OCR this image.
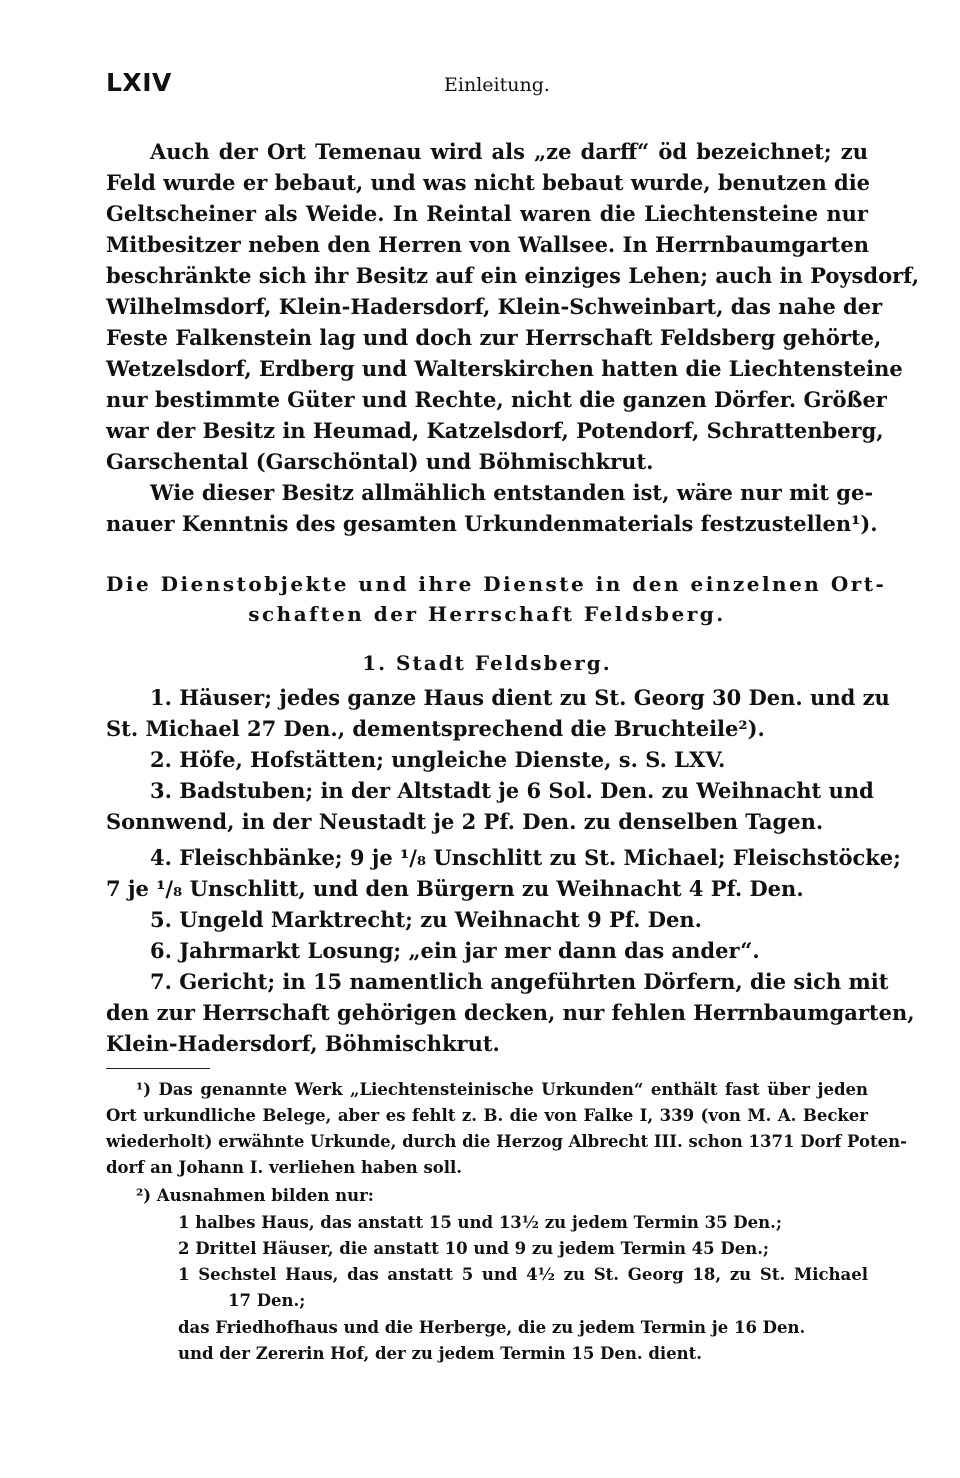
LXIV	Einleitung.
Auch der Ort Temenau wird als „ze darff“ öd bezeichnet; zu
Feld wurde er bebaut, und was nicht bebaut wurde, benutzen die
Geltscheiner als Weide. In Reintal waren die Liechtensteine nur
Mitbesitzer neben den Herren von Wallsee. In Herrnbaumgarten
beschränkte sich ihr Besitz auf ein einziges Lehen; auch in Poysdorf,
Wilhelmsdorf, Klein-Hadersdorf, Klein-Schweinbart, das nahe der
Feste Falkenstein lag und doch zur Herrschaft Feldsberg gehörte,
Wetzelsdorf, Erdberg und Walterskirchen hatten die Liechtensteine
nur bestimmte Güter und Rechte, nicht die ganzen Dörfer. Größer
war der Besitz in Heumad, Katzelsdorf, Potendorf, Schrattenberg,
Garschental (Garschöntal) und Böhmischkrut.
Wie dieser Besitz allmählich entstanden ist, wäre nur mit ge-
nauer Kenntnis des gesamten Urkundenmaterials festzustellen¹).
Die Dienstobjekte und ihre Dienste in den einzelnen Ort-
schaften der Herrschaft Feldsberg.
1. Stadt Feldsberg.
1. Häuser; jedes ganze Haus dient zu St. Georg 30 Den. und zu
St. Michael 27 Den., dementsprechend die Bruchteile²).
2. Höfe, Hofstätten; ungleiche Dienste, s. S. LXV.
3. Badstuben; in der Altstadt je 6 Sol. Den. zu Weihnacht und
Sonnwend, in der Neustadt je 2 Pf. Den. zu denselben Tagen.
4. Fleischbänke; 9 je ¹/₈ Unschlitt zu St. Michael; Fleischstöcke;
7 je ¹/₈ Unschlitt, und den Bürgern zu Weihnacht 4 Pf. Den.
5. Ungeld Marktrecht; zu Weihnacht 9 Pf. Den.
6. Jahrmarkt Losung; „ein jar mer dann das ander“.
7. Gericht; in 15 namentlich angeführten Dörfern, die sich mit
den zur Herrschaft gehörigen decken, nur fehlen Herrnbaumgarten,
Klein-Hadersdorf, Böhmischkrut.
¹) Das genannte Werk „Liechtensteinische Urkunden“ enthält fast über jeden
Ort urkundliche Belege, aber es fehlt z. B. die von Falke I, 339 (von M. A. Becker
wiederholt) erwähnte Urkunde, durch die Herzog Albrecht III. schon 1371 Dorf Poten-
dorf an Johann I. verliehen haben soll.
²) Ausnahmen bilden nur:
1 halbes Haus, das anstatt 15 und 13½ zu jedem Termin 35 Den.;
2 Drittel Häuser, die anstatt 10 und 9 zu jedem Termin 45 Den.;
1 Sechstel Haus, das anstatt 5 und 4½ zu St. Georg 18, zu St. Michael
17 Den.;
das Friedhofhaus und die Herberge, die zu jedem Termin je 16 Den.
und der Zererin Hof, der zu jedem Termin 15 Den. dient.
